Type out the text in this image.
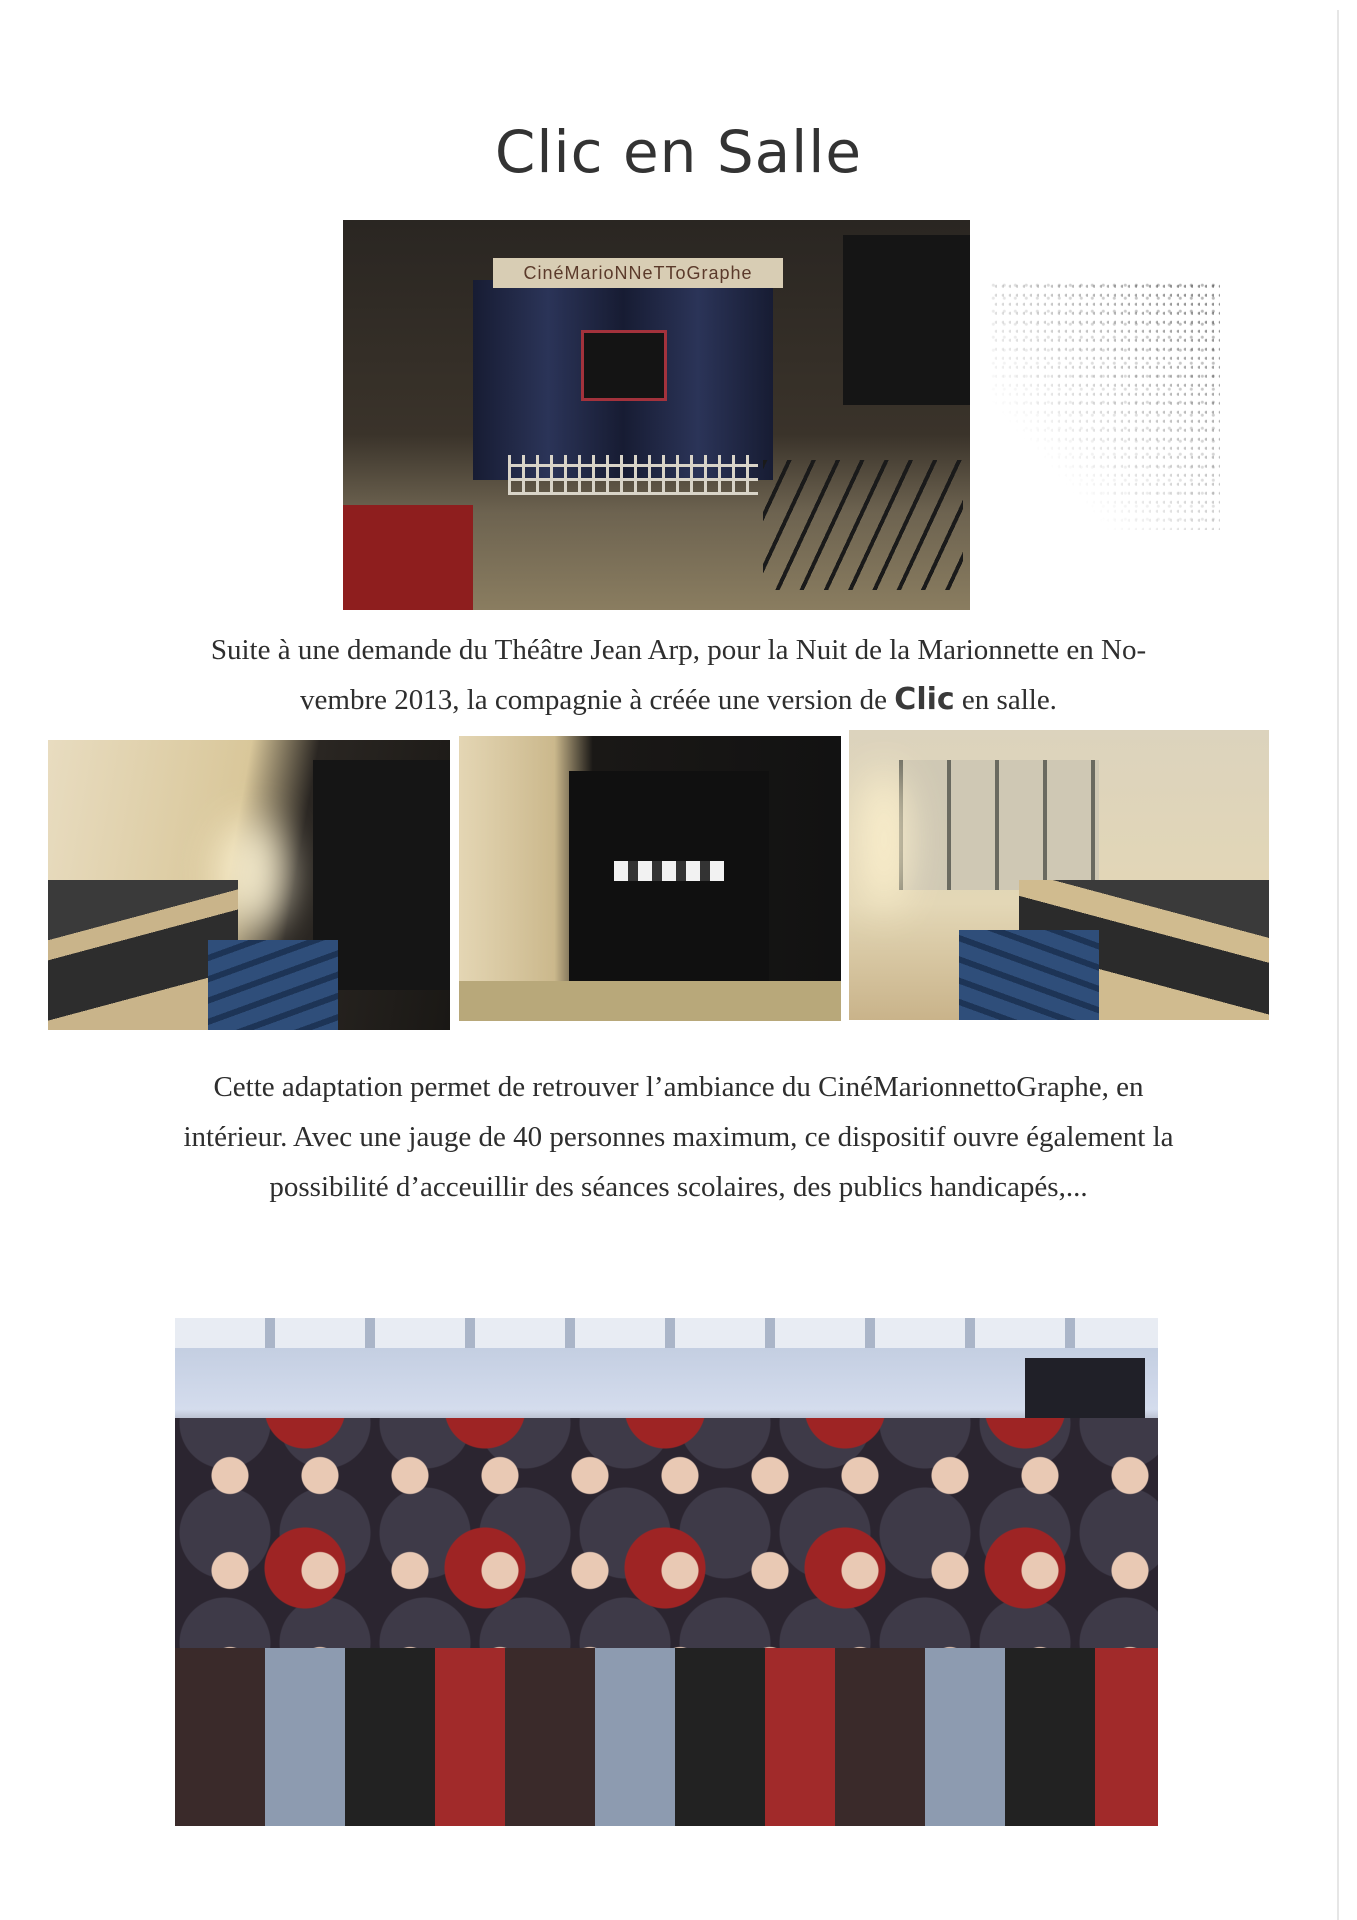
Clic en Salle
CinéMarioNNeTToGraphe
Suite à une demande du Théâtre Jean Arp, pour la Nuit de la Marionnette en No-
vembre 2013, la compagnie à créée une version de Clic en salle.
Cette adaptation permet de retrouver l’ambiance du CinéMarionnettoGraphe, en
intérieur. Avec une jauge de 40 personnes maximum, ce dispositif ouvre également la
possibilité d’acceuillir des séances scolaires, des publics handicapés,...
